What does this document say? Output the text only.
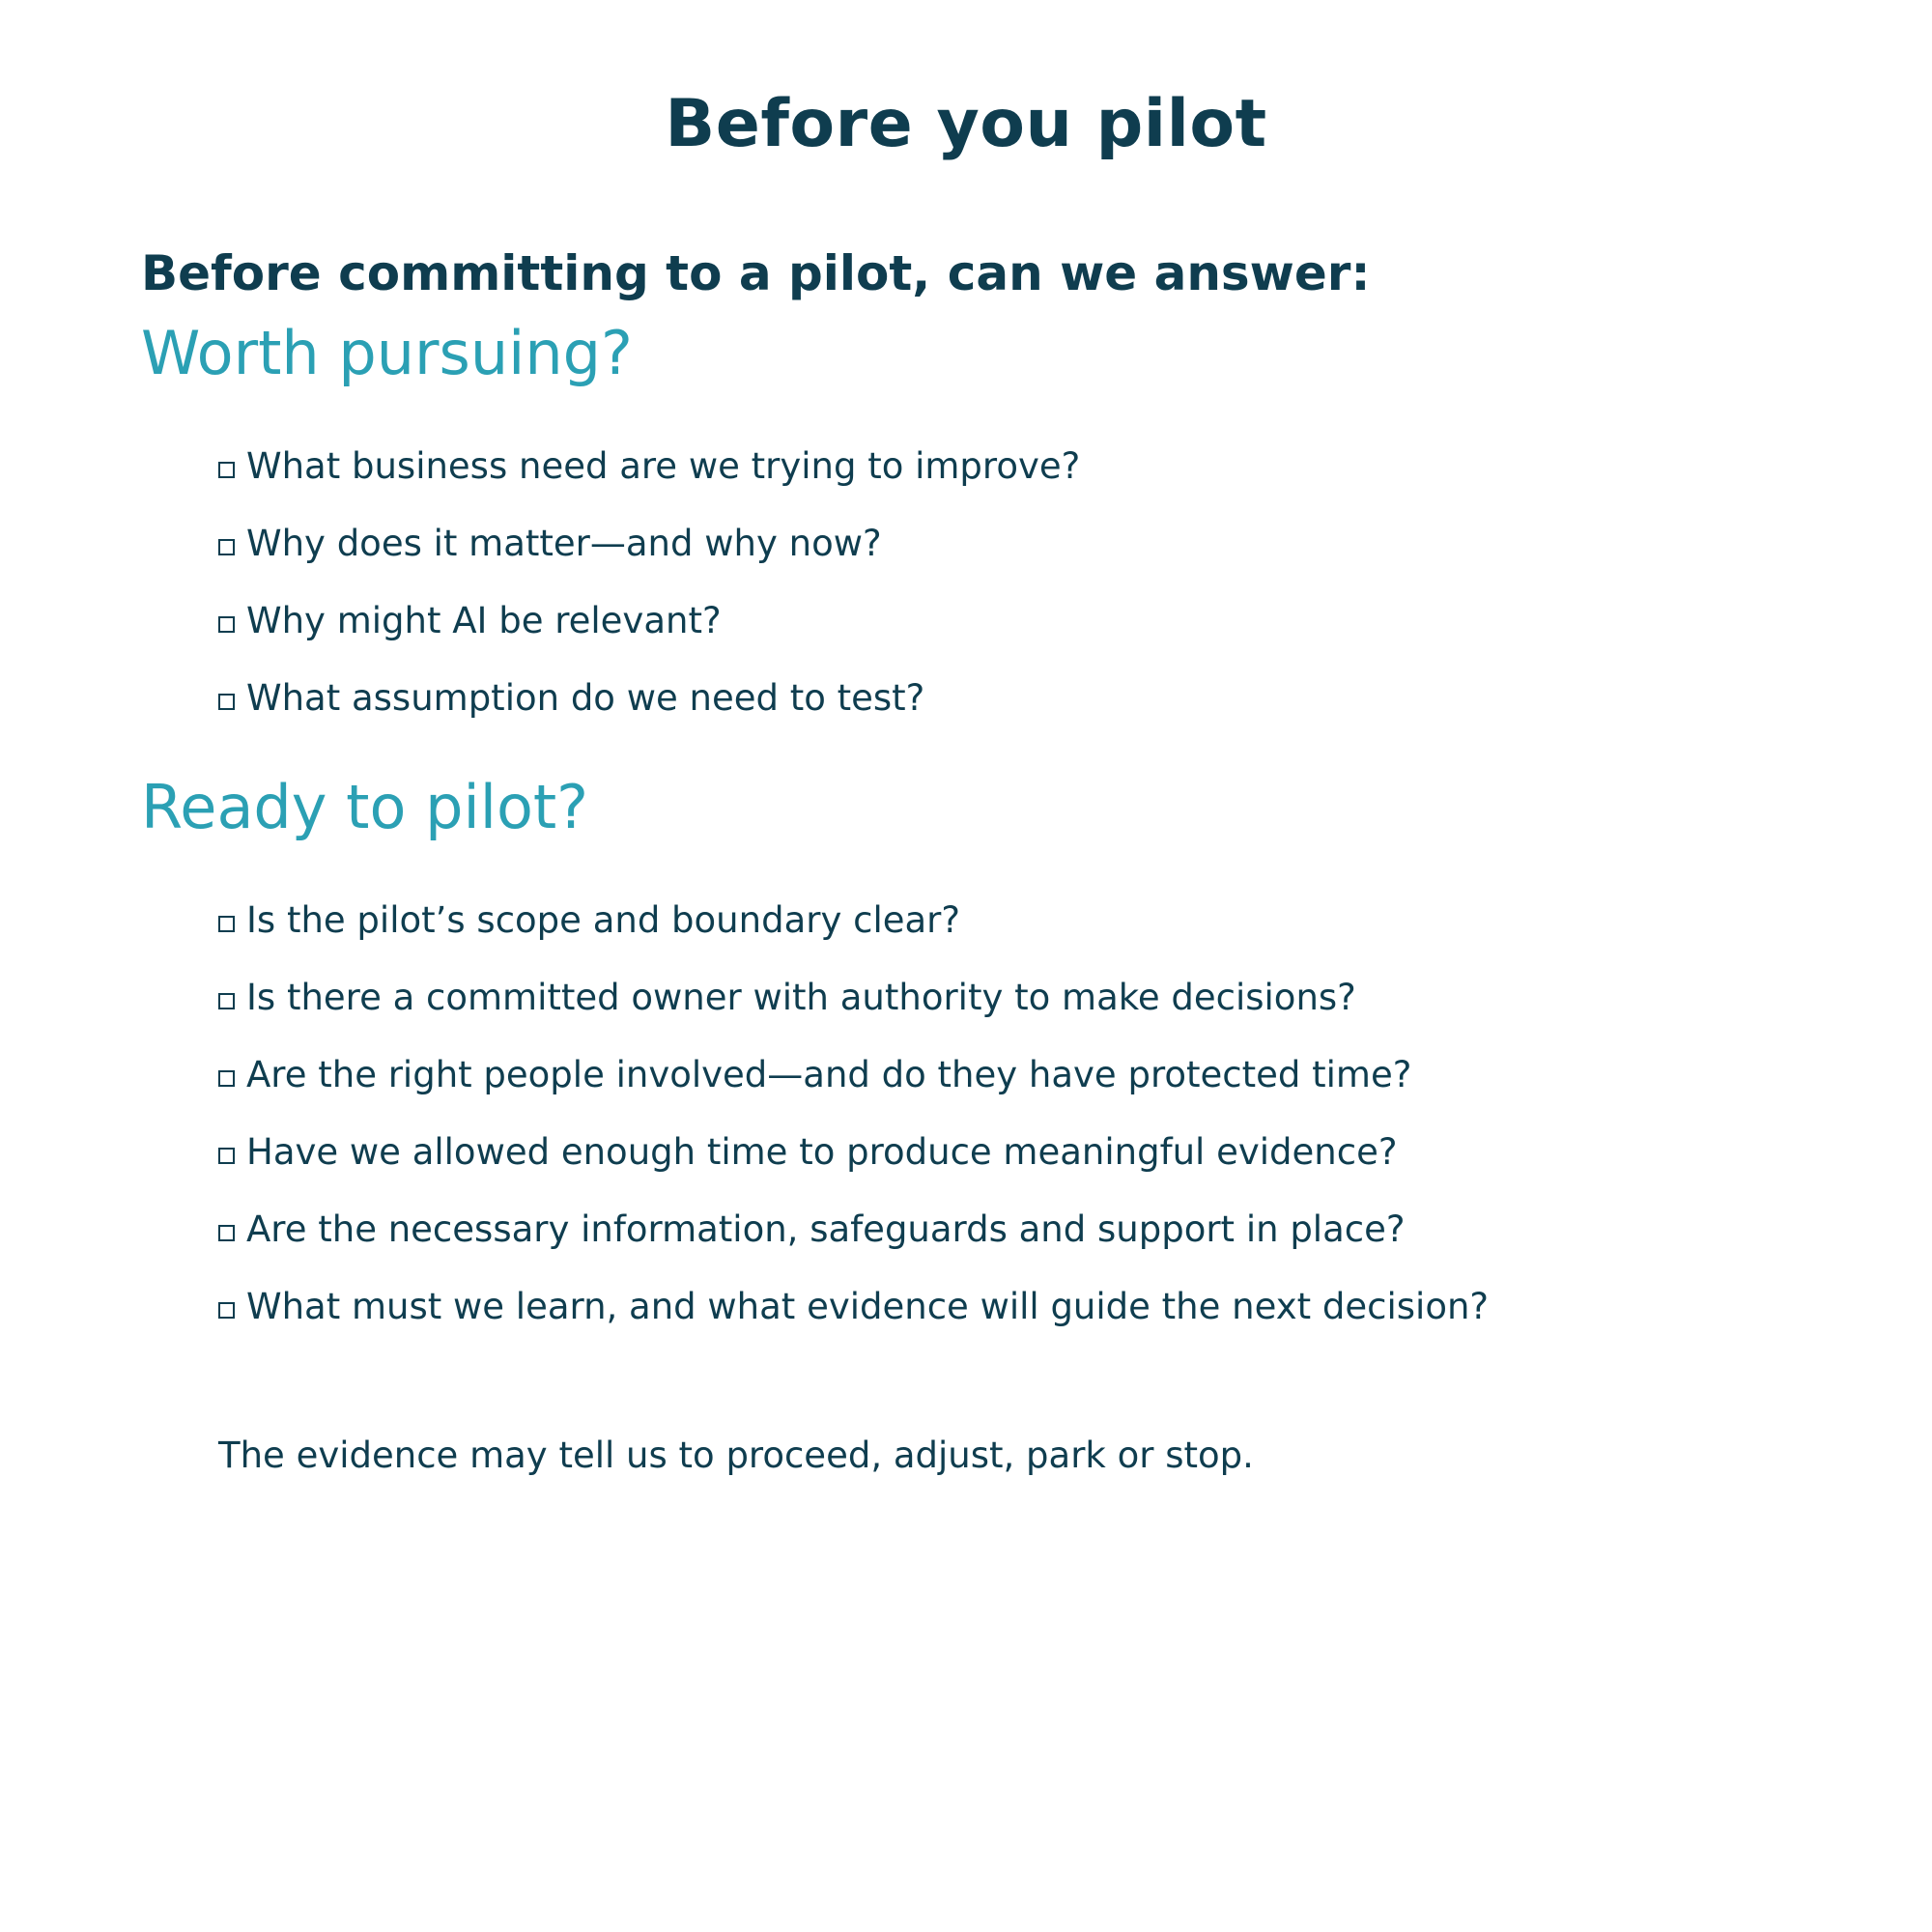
Before you pilot

Before committing to a pilot, can we answer:

Worth pursuing?
What business need are we trying to improve?
Why does it matter—and why now?
Why might AI be relevant?
What assumption do we need to test?
Ready to pilot?
Is the pilot’s scope and boundary clear?
Is there a committed owner with authority to make decisions?
Are the right people involved—and do they have protected time?
Have we allowed enough time to produce meaningful evidence?
Are the necessary information, safeguards and support in place?
What must we learn, and what evidence will guide the next decision?

The evidence may tell us to proceed, adjust, park or stop.
